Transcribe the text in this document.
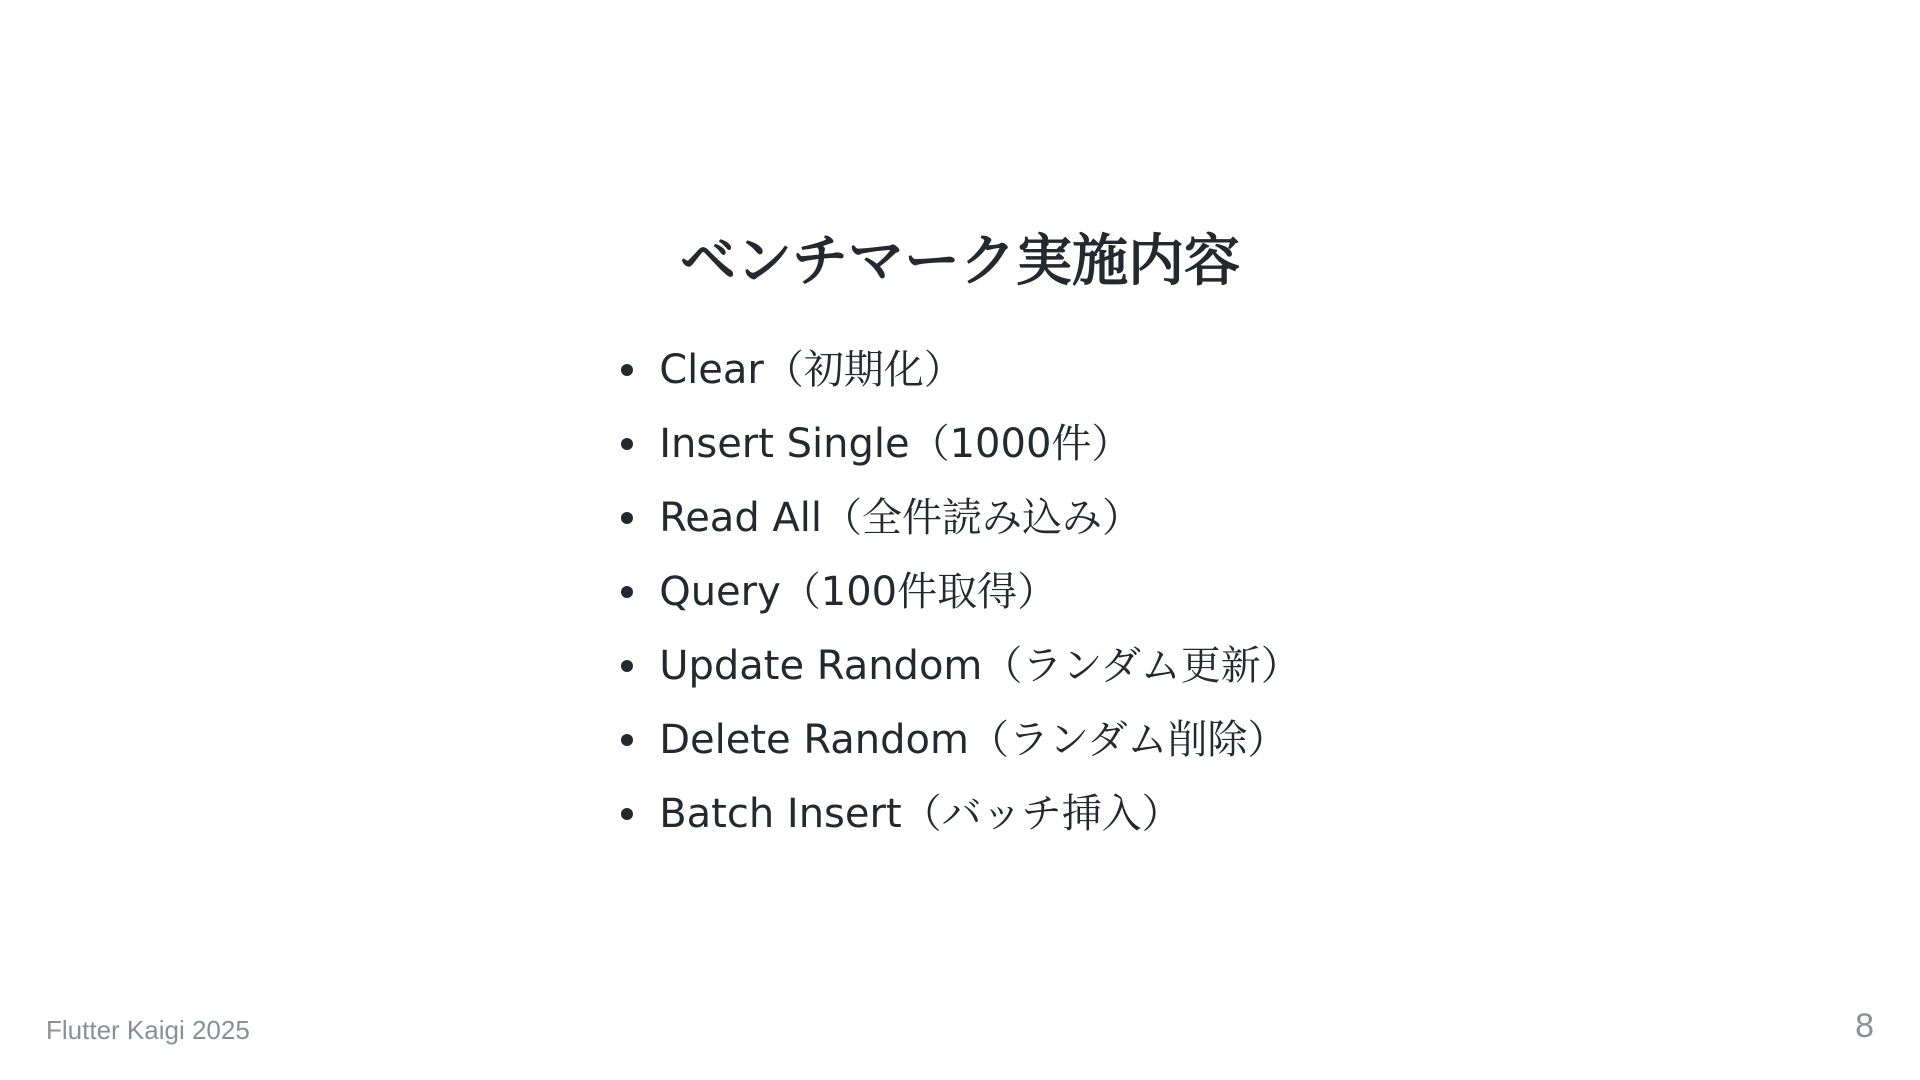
ベンチマーク実施内容
Clear（初期化）
Insert Single（1000件）
Read All（全件読み込み）
Query（100件取得）
Update Random（ランダム更新）
Delete Random（ランダム削除）
Batch Insert（バッチ挿入）
Flutter Kaigi 2025	8
